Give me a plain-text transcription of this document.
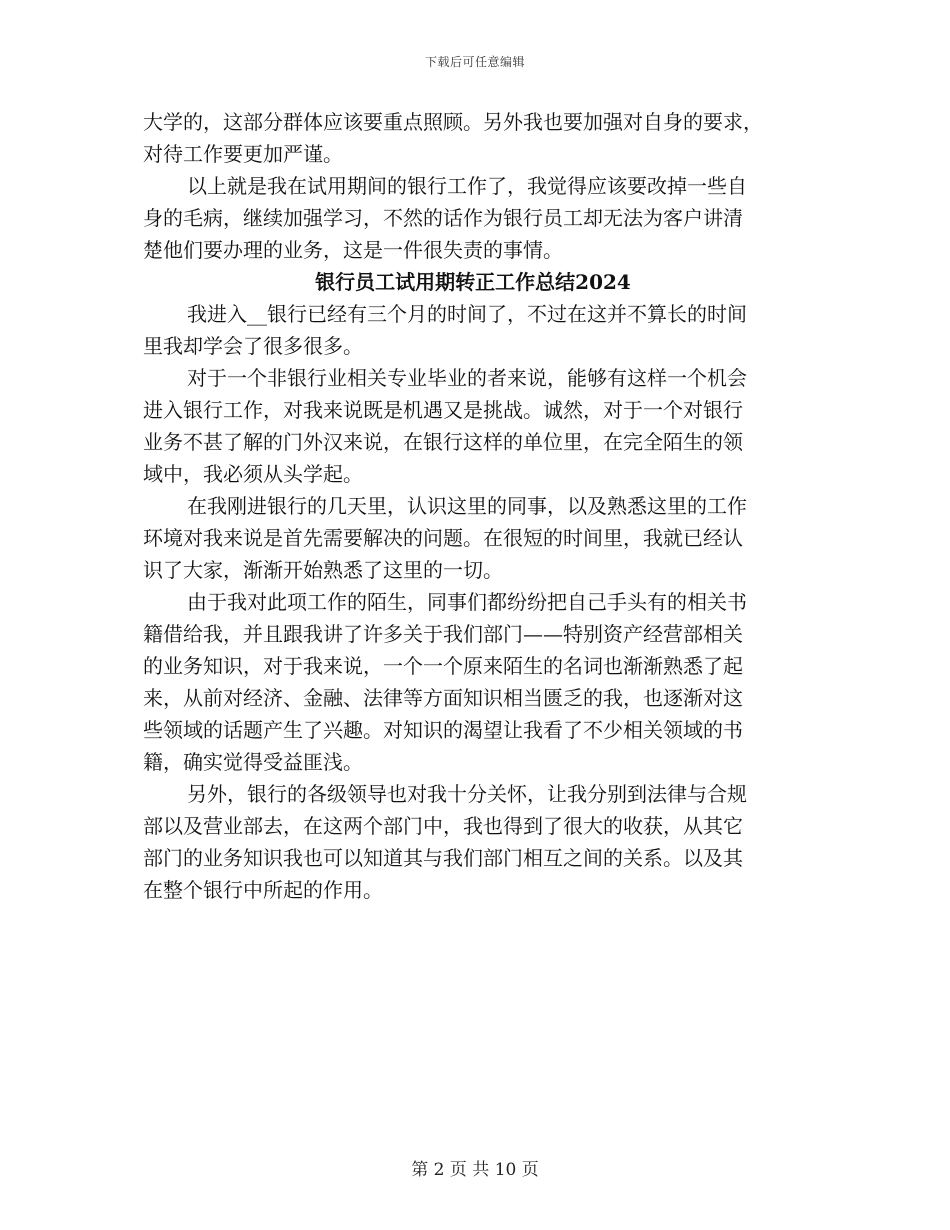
下载后可任意编辑
大学的，这部分群体应该要重点照顾。另外我也要加强对自身的要求，
对待工作要更加严谨。
以上就是我在试用期间的银行工作了，我觉得应该要改掉一些自
身的毛病，继续加强学习，不然的话作为银行员工却无法为客户讲清
楚他们要办理的业务，这是一件很失责的事情。
银行员工试用期转正工作总结2024
我进入__银行已经有三个月的时间了，不过在这并不算长的时间
里我却学会了很多很多。
对于一个非银行业相关专业毕业的者来说，能够有这样一个机会
进入银行工作，对我来说既是机遇又是挑战。诚然，对于一个对银行
业务不甚了解的门外汉来说，在银行这样的单位里，在完全陌生的领
域中，我必须从头学起。
在我刚进银行的几天里，认识这里的同事，以及熟悉这里的工作
环境对我来说是首先需要解决的问题。在很短的时间里，我就已经认
识了大家，渐渐开始熟悉了这里的一切。
由于我对此项工作的陌生，同事们都纷纷把自己手头有的相关书
籍借给我，并且跟我讲了许多关于我们部门——特别资产经营部相关
的业务知识，对于我来说，一个一个原来陌生的名词也渐渐熟悉了起
来，从前对经济、金融、法律等方面知识相当匮乏的我，也逐渐对这
些领域的话题产生了兴趣。对知识的渴望让我看了不少相关领域的书
籍，确实觉得受益匪浅。
另外，银行的各级领导也对我十分关怀，让我分别到法律与合规
部以及营业部去，在这两个部门中，我也得到了很大的收获，从其它
部门的业务知识我也可以知道其与我们部门相互之间的关系。以及其
在整个银行中所起的作用。
第 2 页 共 10 页
